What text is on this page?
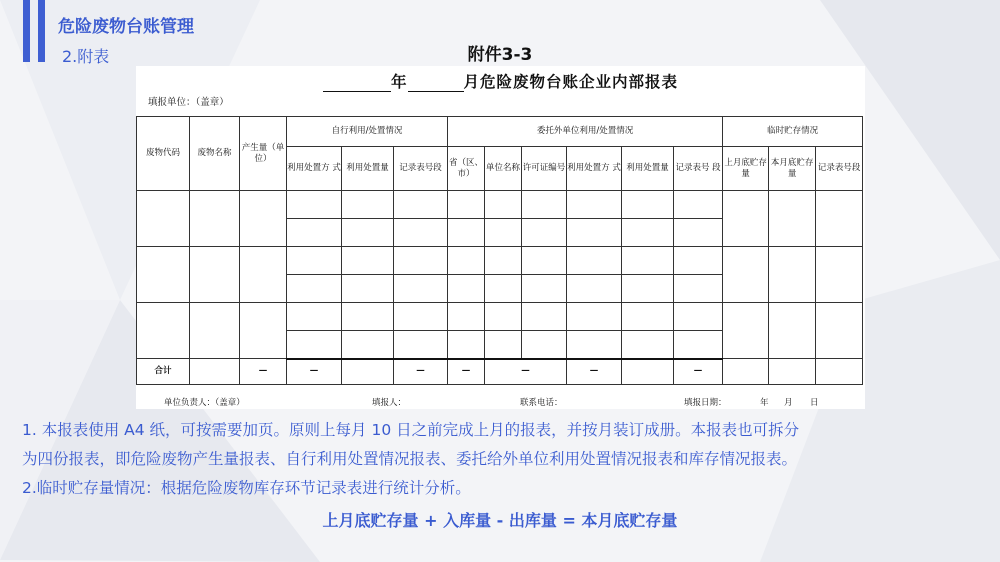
危险废物台账管理
2.附表	附件3-3
年	月危险废物台账企业内部报表
填报单位：（盖章）
废物代码	废物名称	产生量（单位）	自行利用/处置情况			委托外单位利用/处置情况						临时贮存情况		
			利用处置方 式	利用处置量	记录表号段	省（区、市）	单位名称	许可证编号	利用处置方 式	利用处置量	记录表号 段	上月底贮存量	本月底贮存量	记录表号段

合计		—	—		—	—	—		—		—			
单位负责人：（盖章）	填报人：	联系电话：	填报日期：	年 月 日
1. 本报表使用 A4 纸，可按需要加页。原则上每月 10 日之前完成上月的报表，并按月装订成册。本报表也可拆分
为四份报表，即危险废物产生量报表、自行利用处置情况报表、委托给外单位利用处置情况报表和库存情况报表。
2.临时贮存量情况：根据危险废物库存环节记录表进行统计分析。
上月底贮存量 + 入库量 - 出库量 = 本月底贮存量
